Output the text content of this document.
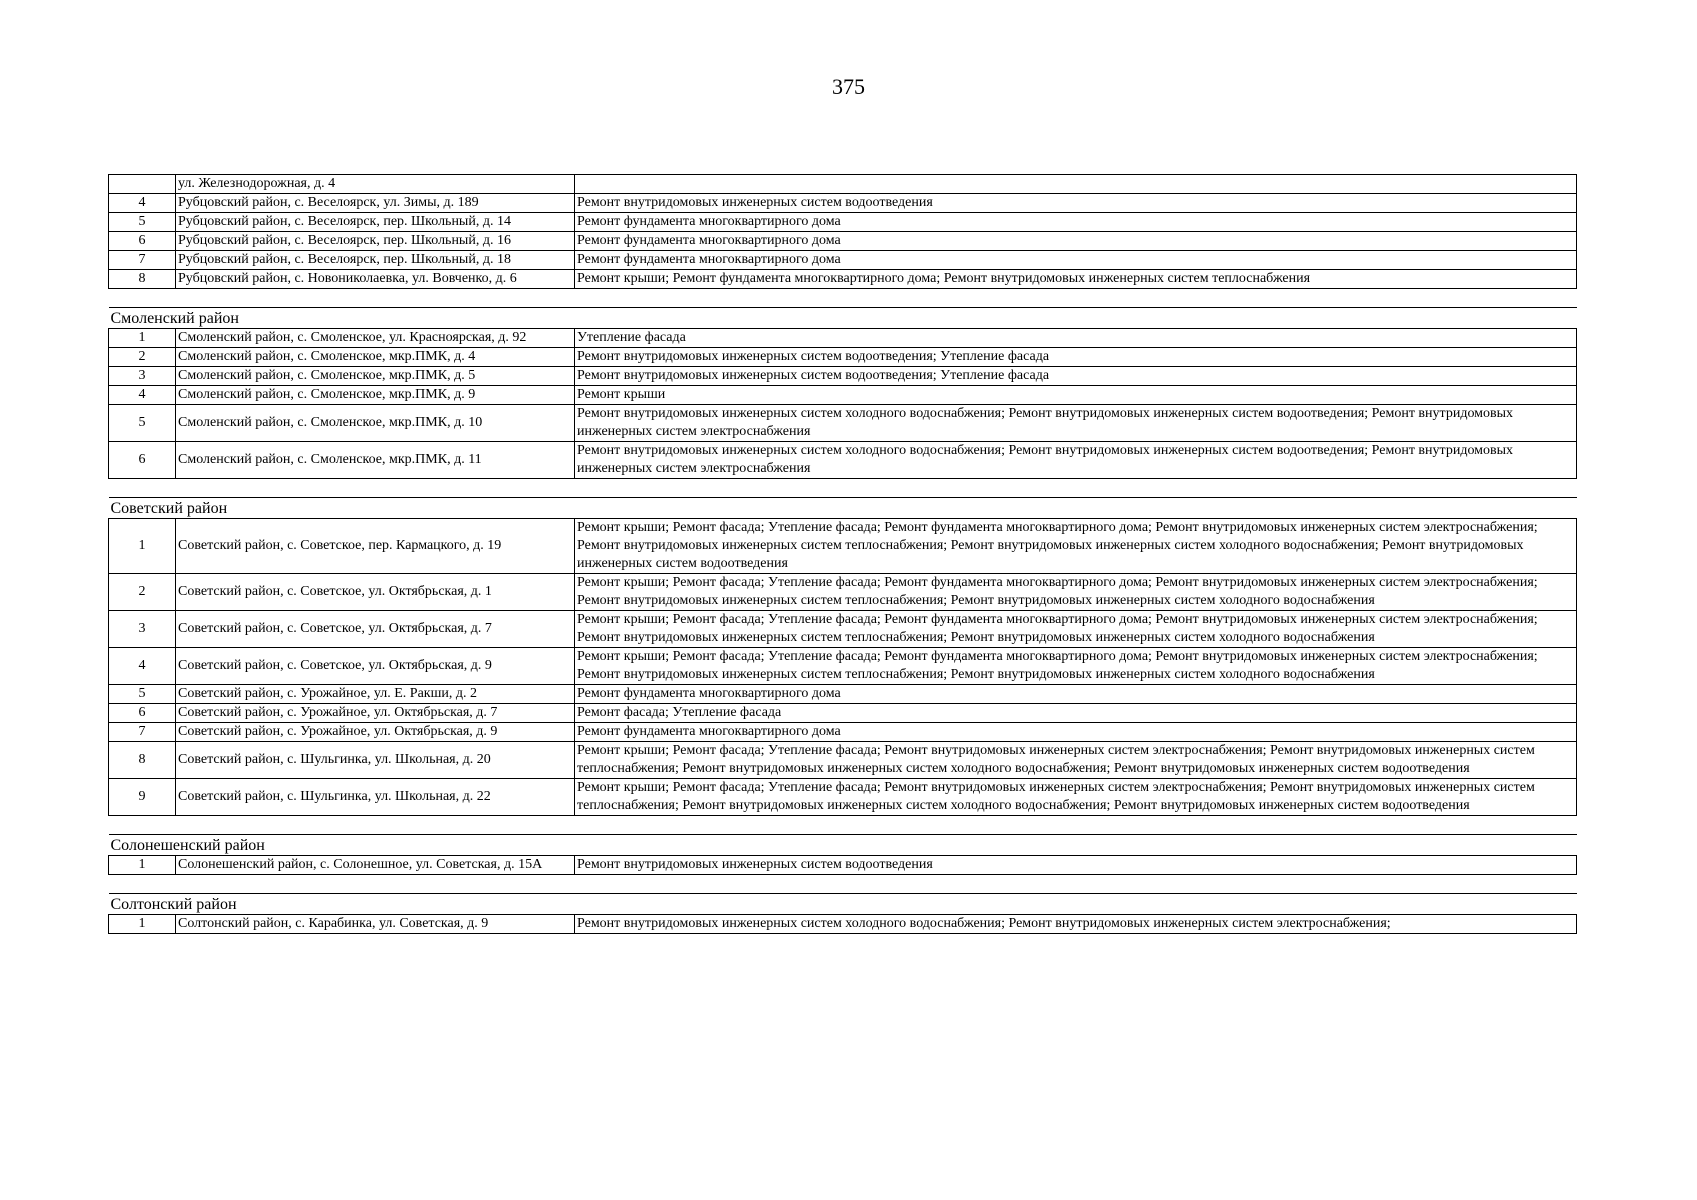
375
	ул. Железнодорожная, д. 4	
4	Рубцовский район, с. Веселоярск, ул. Зимы, д. 189	Ремонт внутридомовых инженерных систем водоотведения
5	Рубцовский район, с. Веселоярск, пер. Школьный, д. 14	Ремонт фундамента многоквартирного дома
6	Рубцовский район, с. Веселоярск, пер. Школьный, д. 16	Ремонт фундамента многоквартирного дома
7	Рубцовский район, с. Веселоярск, пер. Школьный, д. 18	Ремонт фундамента многоквартирного дома
8	Рубцовский район, с. Новониколаевка, ул. Вовченко, д. 6	Ремонт крыши; Ремонт фундамента многоквартирного дома; Ремонт внутридомовых инженерных систем теплоснабжения

Смоленский район		
1	Смоленский район, с. Смоленское, ул. Красноярская, д. 92	Утепление фасада
2	Смоленский район, с. Смоленское, мкр.ПМК, д. 4	Ремонт внутридомовых инженерных систем водоотведения; Утепление фасада
3	Смоленский район, с. Смоленское, мкр.ПМК, д. 5	Ремонт внутридомовых инженерных систем водоотведения; Утепление фасада
4	Смоленский район, с. Смоленское, мкр.ПМК, д. 9	Ремонт крыши
5	Смоленский район, с. Смоленское, мкр.ПМК, д. 10	Ремонт внутридомовых инженерных систем холодного водоснабжения; Ремонт внутридомовых инженерных систем водоотведения; Ремонт внутридомовых инженерных систем электроснабжения
6	Смоленский район, с. Смоленское, мкр.ПМК, д. 11	Ремонт внутридомовых инженерных систем холодного водоснабжения; Ремонт внутридомовых инженерных систем водоотведения; Ремонт внутридомовых инженерных систем электроснабжения

Советский район		
1	Советский район, с. Советское, пер. Кармацкого, д. 19	Ремонт крыши; Ремонт фасада; Утепление фасада; Ремонт фундамента многоквартирного дома; Ремонт внутридомовых инженерных систем электроснабжения; Ремонт внутридомовых инженерных систем теплоснабжения; Ремонт внутридомовых инженерных систем холодного водоснабжения; Ремонт внутридомовых инженерных систем водоотведения
2	Советский район, с. Советское, ул. Октябрьская, д. 1	Ремонт крыши; Ремонт фасада; Утепление фасада; Ремонт фундамента многоквартирного дома; Ремонт внутридомовых инженерных систем электроснабжения; Ремонт внутридомовых инженерных систем теплоснабжения; Ремонт внутридомовых инженерных систем холодного водоснабжения
3	Советский район, с. Советское, ул. Октябрьская, д. 7	Ремонт крыши; Ремонт фасада; Утепление фасада; Ремонт фундамента многоквартирного дома; Ремонт внутридомовых инженерных систем электроснабжения; Ремонт внутридомовых инженерных систем теплоснабжения; Ремонт внутридомовых инженерных систем холодного водоснабжения
4	Советский район, с. Советское, ул. Октябрьская, д. 9	Ремонт крыши; Ремонт фасада; Утепление фасада; Ремонт фундамента многоквартирного дома; Ремонт внутридомовых инженерных систем электроснабжения; Ремонт внутридомовых инженерных систем теплоснабжения; Ремонт внутридомовых инженерных систем холодного водоснабжения
5	Советский район, с. Урожайное, ул. Е. Ракши, д. 2	Ремонт фундамента многоквартирного дома
6	Советский район, с. Урожайное, ул. Октябрьская, д. 7	Ремонт фасада; Утепление фасада
7	Советский район, с. Урожайное, ул. Октябрьская, д. 9	Ремонт фундамента многоквартирного дома
8	Советский район, с. Шульгинка, ул. Школьная, д. 20	Ремонт крыши; Ремонт фасада; Утепление фасада; Ремонт внутридомовых инженерных систем электроснабжения; Ремонт внутридомовых инженерных систем теплоснабжения; Ремонт внутридомовых инженерных систем холодного водоснабжения; Ремонт внутридомовых инженерных систем водоотведения
9	Советский район, с. Шульгинка, ул. Школьная, д. 22	Ремонт крыши; Ремонт фасада; Утепление фасада; Ремонт внутридомовых инженерных систем электроснабжения; Ремонт внутридомовых инженерных систем теплоснабжения; Ремонт внутридомовых инженерных систем холодного водоснабжения; Ремонт внутридомовых инженерных систем водоотведения

Солонешенский район		
1	Солонешенский район, с. Солонешное, ул. Советская, д. 15А	Ремонт внутридомовых инженерных систем водоотведения

Солтонский район		
1	Солтонский район, с. Карабинка, ул. Советская, д. 9	Ремонт внутридомовых инженерных систем холодного водоснабжения; Ремонт внутридомовых инженерных систем электроснабжения;
